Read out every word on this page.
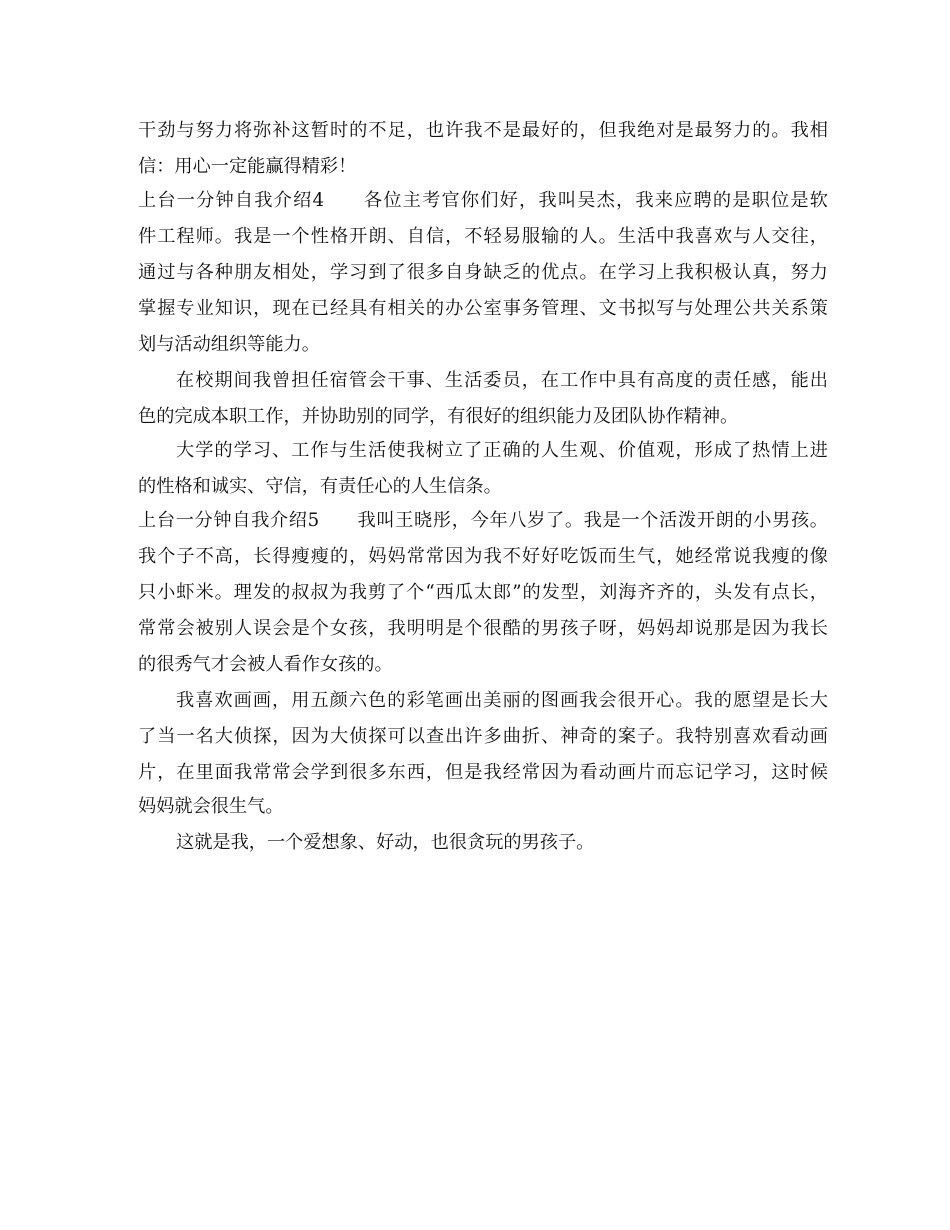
干劲与努力将弥补这暂时的不足，也许我不是最好的，但我绝对是最努力的。我相
信：用心一定能赢得精彩！
上台一分钟自我介绍4　　各位主考官你们好，我叫吴杰，我来应聘的是职位是软
件工程师。我是一个性格开朗、自信，不轻易服输的人。生活中我喜欢与人交往，
通过与各种朋友相处，学习到了很多自身缺乏的优点。在学习上我积极认真，努力
掌握专业知识，现在已经具有相关的办公室事务管理、文书拟写与处理公共关系策
划与活动组织等能力。
在校期间我曾担任宿管会干事、生活委员，在工作中具有高度的责任感，能出
色的完成本职工作，并协助别的同学，有很好的组织能力及团队协作精神。
大学的学习、工作与生活使我树立了正确的人生观、价值观，形成了热情上进
的性格和诚实、守信，有责任心的人生信条。
上台一分钟自我介绍5　　我叫王晓彤，今年八岁了。我是一个活泼开朗的小男孩。
我个子不高，长得瘦瘦的，妈妈常常因为我不好好吃饭而生气，她经常说我瘦的像
只小虾米。理发的叔叔为我剪了个“西瓜太郎”的发型，刘海齐齐的，头发有点长，
常常会被别人误会是个女孩，我明明是个很酷的男孩子呀，妈妈却说那是因为我长
的很秀气才会被人看作女孩的。
我喜欢画画，用五颜六色的彩笔画出美丽的图画我会很开心。我的愿望是长大
了当一名大侦探，因为大侦探可以查出许多曲折、神奇的案子。我特别喜欢看动画
片，在里面我常常会学到很多东西，但是我经常因为看动画片而忘记学习，这时候
妈妈就会很生气。
这就是我，一个爱想象、好动，也很贪玩的男孩子。
